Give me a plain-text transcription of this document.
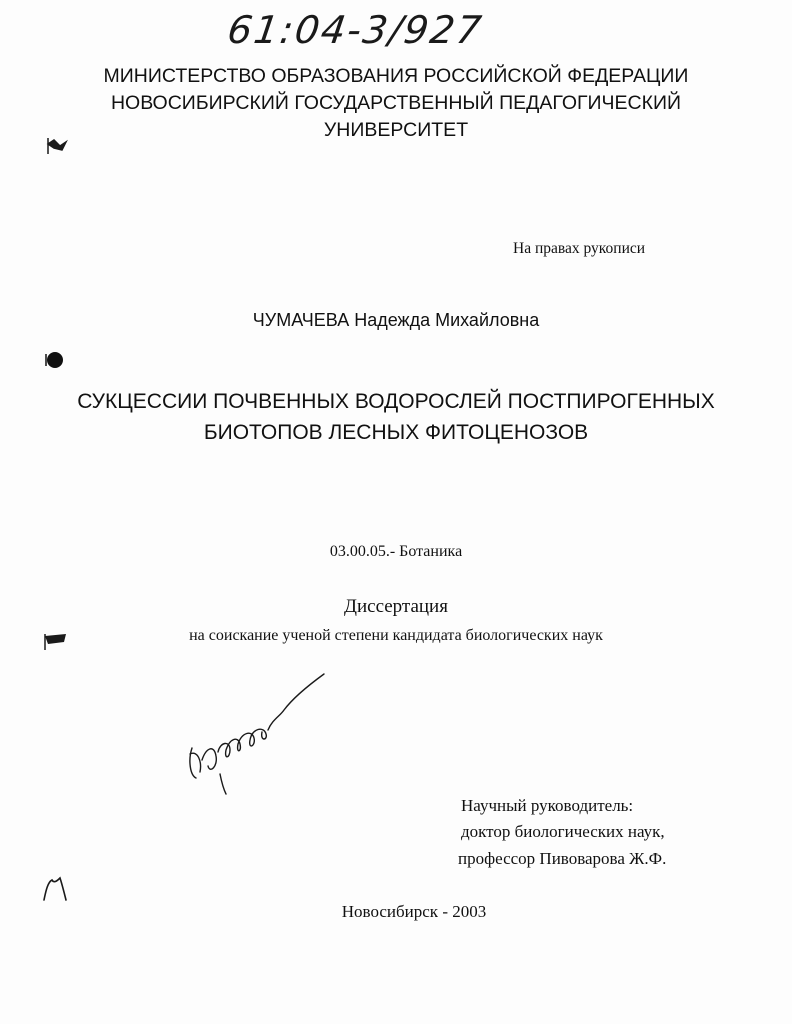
61:04-3/927
МИНИСТЕРСТВО ОБРАЗОВАНИЯ РОССИЙСКОЙ ФЕДЕРАЦИИ
НОВОСИБИРСКИЙ ГОСУДАРСТВЕННЫЙ ПЕДАГОГИЧЕСКИЙ
УНИВЕРСИТЕТ
На правах рукописи
ЧУМАЧЕВА Надежда Михайловна
СУКЦЕССИИ ПОЧВЕННЫХ ВОДОРОСЛЕЙ ПОСТПИРОГЕННЫХ
БИОТОПОВ ЛЕСНЫХ ФИТОЦЕНОЗОВ
03.00.05.- Ботаника
Диссертация
на соискание ученой степени кандидата биологических наук
Научный руководитель:
доктор биологических наук,
профессор Пивоварова Ж.Ф.
Новосибирск - 2003
